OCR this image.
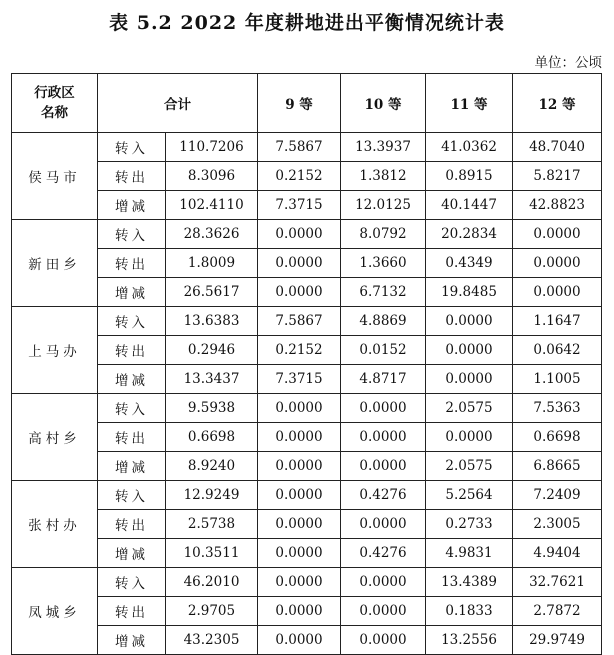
表 5.2 2022 年度耕地进出平衡情况统计表
单位：公顷
行政区
名称	合计		9 等	10 等	11 等	12 等
侯马市	转入	110.7206	7.5867	13.3937	41.0362	48.7040
	转出	8.3096	0.2152	1.3812	0.8915	5.8217
	增减	102.4110	7.3715	12.0125	40.1447	42.8823
新田乡	转入	28.3626	0.0000	8.0792	20.2834	0.0000
	转出	1.8009	0.0000	1.3660	0.4349	0.0000
	增减	26.5617	0.0000	6.7132	19.8485	0.0000
上马办	转入	13.6383	7.5867	4.8869	0.0000	1.1647
	转出	0.2946	0.2152	0.0152	0.0000	0.0642
	增减	13.3437	7.3715	4.8717	0.0000	1.1005
高村乡	转入	9.5938	0.0000	0.0000	2.0575	7.5363
	转出	0.6698	0.0000	0.0000	0.0000	0.6698
	增减	8.9240	0.0000	0.0000	2.0575	6.8665
张村办	转入	12.9249	0.0000	0.4276	5.2564	7.2409
	转出	2.5738	0.0000	0.0000	0.2733	2.3005
	增减	10.3511	0.0000	0.4276	4.9831	4.9404
凤城乡	转入	46.2010	0.0000	0.0000	13.4389	32.7621
	转出	2.9705	0.0000	0.0000	0.1833	2.7872
	增减	43.2305	0.0000	0.0000	13.2556	29.9749
